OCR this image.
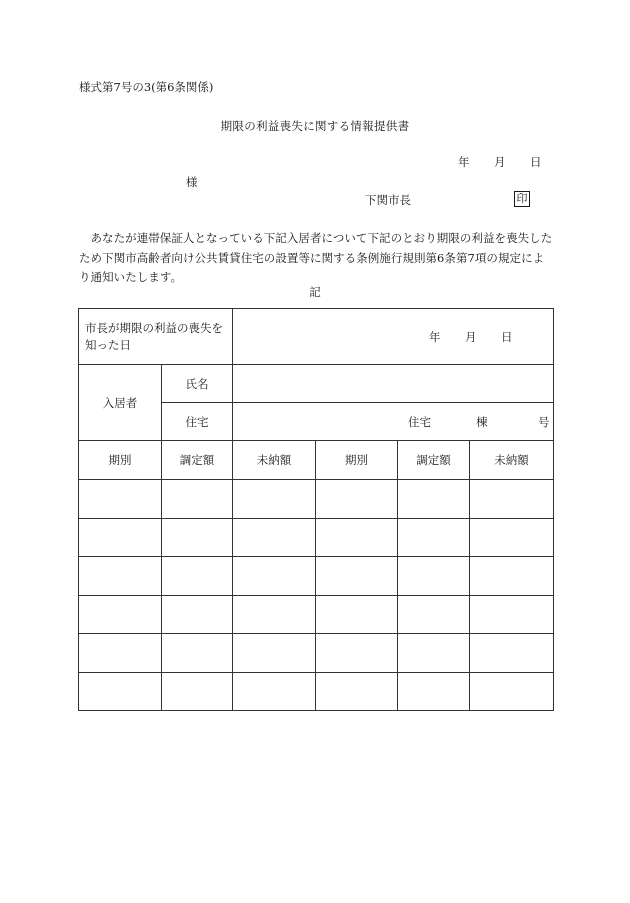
様式第7号の3(第6条関係)
期限の利益喪失に関する情報提供書
年 月 日
様
下関市長	印
あなたが連帯保証人となっている下記入居者について下記のとおり期限の利益を喪失したため下関市高齢者向け公共賃貸住宅の設置等に関する条例施行規則第6条第7項の規定により通知いたします。
記
市長が期限の利益の喪失を
知った日		年 月 日			

入居者	氏名				
	住宅	住宅 棟 号			

期別	調定額	未納額	期別	調定額	未納額
